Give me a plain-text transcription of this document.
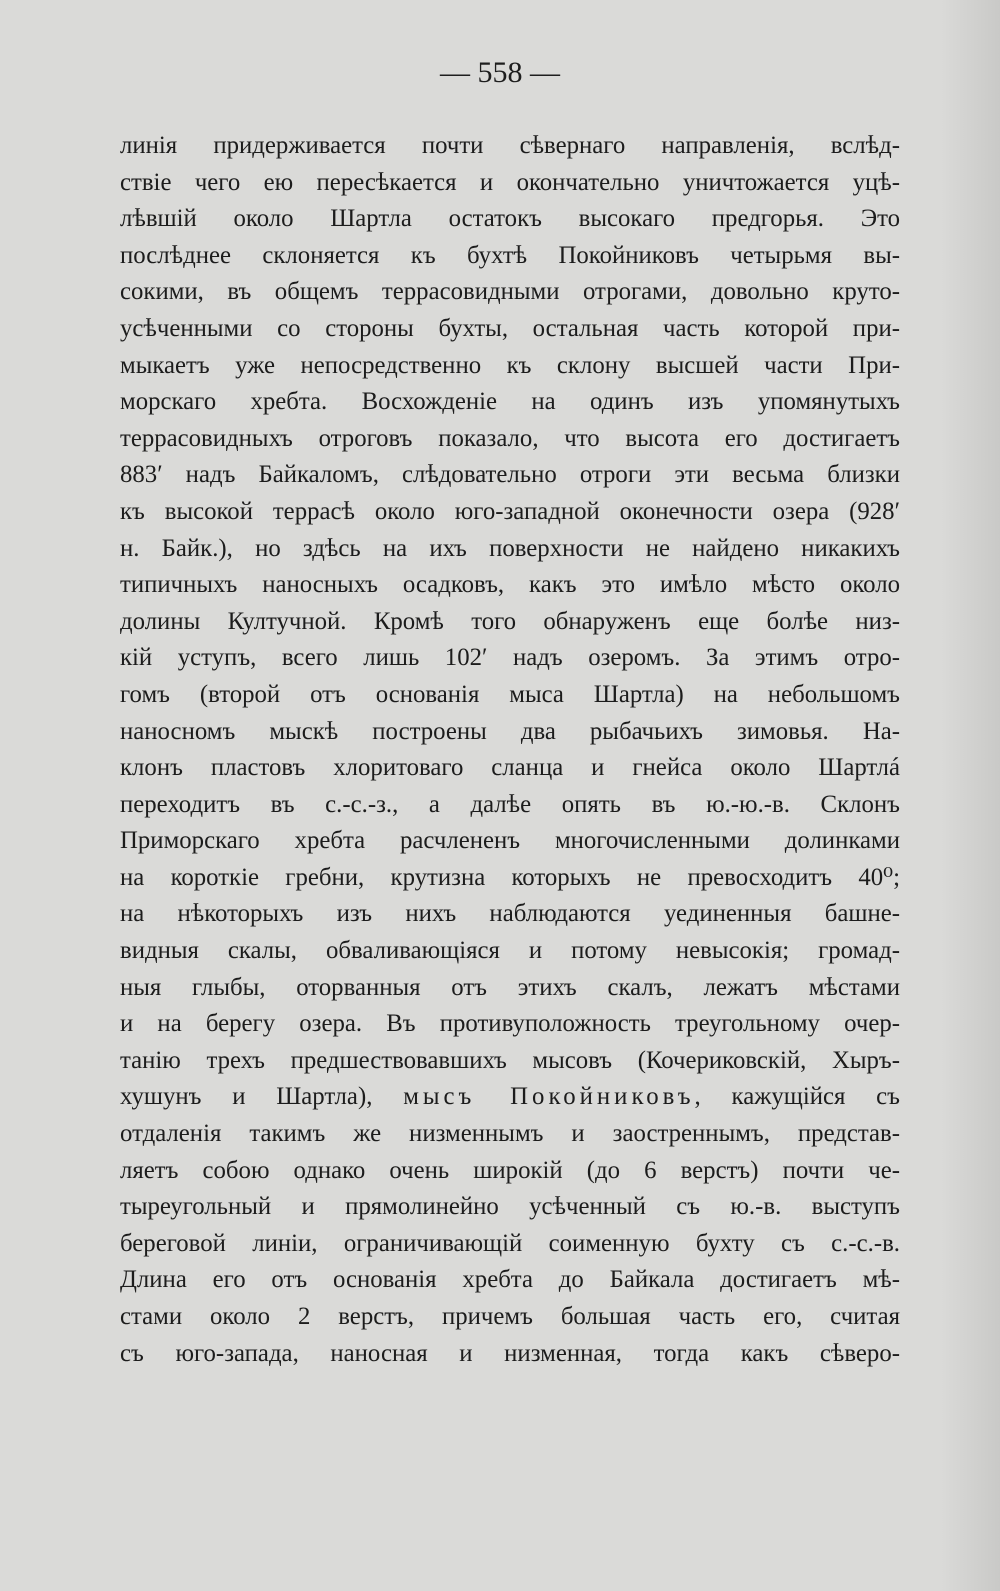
— 558 —
линія придерживается почти сѣвернаго направленія, вслѣд-
ствіе чего ею пересѣкается и окончательно уничтожается уцѣ-
лѣвшій около Шартла остатокъ высокаго предгорья. Это
послѣднее склоняется къ бухтѣ Покойниковъ четырьмя вы-
сокими, въ общемъ террасовидными отрогами, довольно круто-
усѣченными со стороны бухты, остальная часть которой при-
мыкаетъ уже непосредственно къ склону высшей части При-
морскаго хребта. Восхожденіе на одинъ изъ упомянутыхъ
террасовидныхъ отроговъ показало, что высота его достигаетъ
883′ надъ Байкаломъ, слѣдовательно отроги эти весьма близки
къ высокой террасѣ около юго-западной оконечности озера (928′
н. Байк.), но здѣсь на ихъ поверхности не найдено никакихъ
типичныхъ наносныхъ осадковъ, какъ это имѣло мѣсто около
долины Култучной. Кромѣ того обнаруженъ еще болѣе низ-
кій уступъ, всего лишь 102′ надъ озеромъ. За этимъ отро-
гомъ (второй отъ основанія мыса Шартла) на небольшомъ
наносномъ мыскѣ построены два рыбачьихъ зимовья. На-
клонъ пластовъ хлоритоваго сланца и гнейса около Шартлá
переходитъ въ с.-с.-з., а далѣе опять въ ю.-ю.-в. Склонъ
Приморскаго хребта расчлененъ многочисленными долинками
на короткіе гребни, крутизна которыхъ не превосходитъ 40⁰;
на нѣкоторыхъ изъ нихъ наблюдаются уединенныя башне-
видныя скалы, обваливающіяся и потому невысокія; громад-
ныя глыбы, оторванныя отъ этихъ скалъ, лежатъ мѣстами
и на берегу озера. Въ противуположность треугольному очер-
танію трехъ предшествовавшихъ мысовъ (Кочериковскій, Хыръ-
хушунъ и Шартла), мысъ Покойниковъ, кажущійся съ
отдаленія такимъ же низменнымъ и заостреннымъ, представ-
ляетъ собою однако очень широкій (до 6 верстъ) почти че-
тыреугольный и прямолинейно усѣченный съ ю.-в. выступъ
береговой линіи, ограничивающій соименную бухту съ с.-с.-в.
Длина его отъ основанія хребта до Байкала достигаетъ мѣ-
стами около 2 верстъ, причемъ большая часть его, считая
съ юго-запада, наносная и низменная, тогда какъ сѣверо-
